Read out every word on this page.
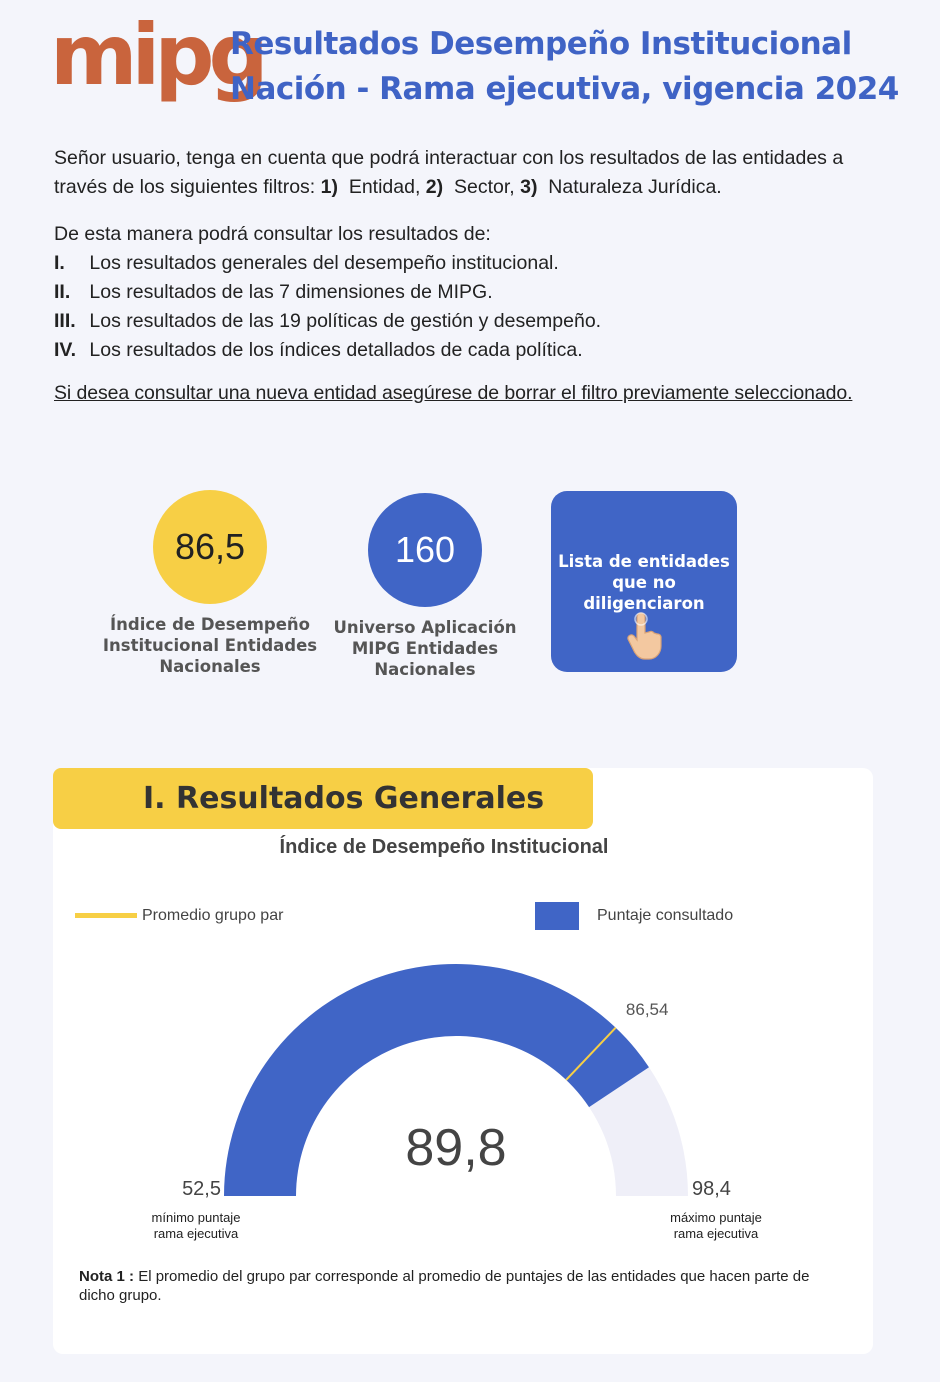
mipg
Resultados Desempeño Institucional
Nación - Rama ejecutiva, vigencia 2024

Señor usuario, tenga en cuenta que podrá interactuar con los resultados de las entidades a
través de los siguientes filtros: 1) Entidad, 2) Sector, 3) Naturaleza Jurídica.

De esta manera podrá consultar los resultados de:

I. Los resultados generales del desempeño institucional.
II. Los resultados de las 7 dimensiones de MIPG.
III. Los resultados de las 19 políticas de gestión y desempeño.
IV. Los resultados de los índices detallados de cada política.

Si desea consultar una nueva entidad asegúrese de borrar el filtro previamente seleccionado.

86,5
Índice de Desempeño Institucional Entidades Nacionales
160
Universo Aplicación MIPG Entidades Nacionales
Lista de entidades que no diligenciaron
I. Resultados Generales
Índice de Desempeño Institucional
Promedio grupo par	Puntaje consultado
86,54
89,8
52,5	98,4
mínimo puntaje
rama ejecutiva
máximo puntaje
rama ejecutiva
Nota 1 : El promedio del grupo par corresponde al promedio de puntajes de las entidades que hacen parte de dicho grupo.
